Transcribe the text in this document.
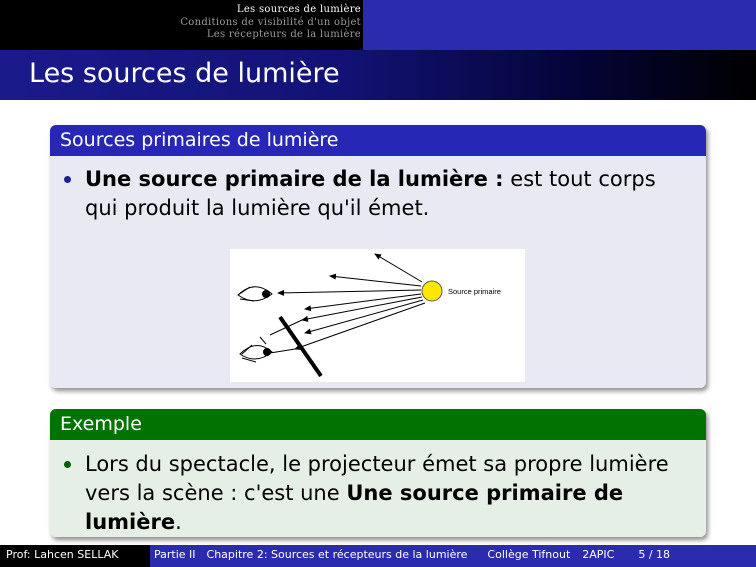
Les sources de lumière
Conditions de visibilité d'un objet
Les récepteurs de la lumière
Les sources de lumière
Sources primaires de lumière
Une source primaire de la lumière : est tout corps qui produit la lumière qu'il émet.
Source primaire
Exemple
Lors du spectacle, le projecteur émet sa propre lumière vers la scène : c'est une Une source primaire de lumière.
Prof: Lahcen SELLAK	Partie II Chapitre 2: Sources et récepteurs de la lumière Collège Tifnout 2APIC 5 / 18
